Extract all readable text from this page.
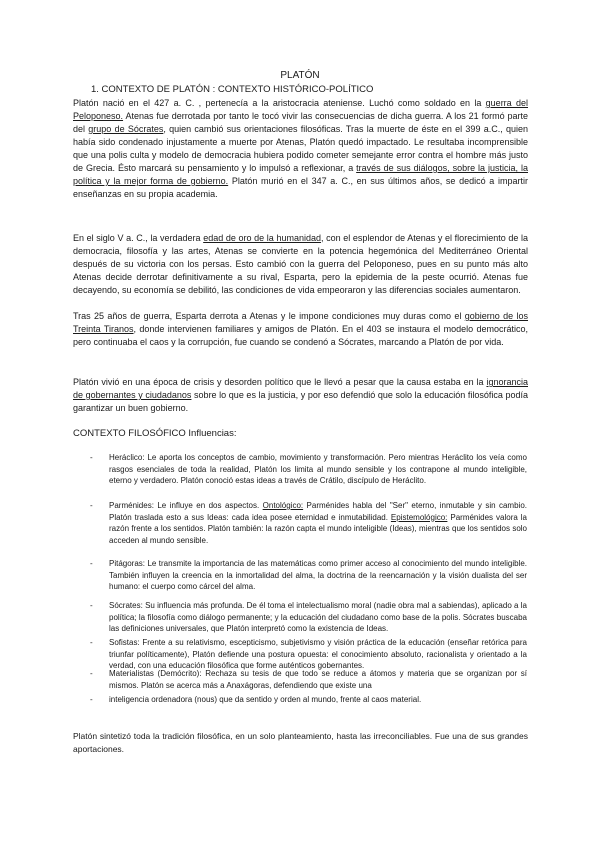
PLATÓN
1. CONTEXTO DE PLATÓN : CONTEXTO HISTÓRICO-POLÍTICO
Platón nació en el 427 a. C. , pertenecía a la aristocracia ateniense. Luchó como soldado en la guerra del Peloponeso. Atenas fue derrotada por tanto le tocó vivir las consecuencias de dicha guerra. A los 21 formó parte del grupo de Sócrates, quien cambió sus orientaciones filosóficas. Tras la muerte de éste en el 399 a.C., quien había sido condenado injustamente a muerte por Atenas, Platón quedó impactado. Le resultaba incomprensible que una polis culta y modelo de democracia hubiera podido cometer semejante error contra el hombre más justo de Grecia. Ésto marcará su pensamiento y lo impulsó a reflexionar, a través de sus diálogos, sobre la justicia, la política y la mejor forma de gobierno. Platón murió en el 347 a. C., en sus últimos años, se dedicó a impartir enseñanzas en su propia academia.
En el siglo V a. C., la verdadera edad de oro de la humanidad, con el esplendor de Atenas y el florecimiento de la democracia, filosofía y las artes, Atenas se convierte en la potencia hegemónica del Mediterráneo Oriental después de su victoria con los persas. Esto cambió con la guerra del Peloponeso, pues en su punto más alto Atenas decide derrotar definitivamente a su rival, Esparta, pero la epidemia de la peste ocurrió. Atenas fue decayendo, su economía se debilitó, las condiciones de vida empeoraron y las diferencias sociales aumentaron.
Tras 25 años de guerra, Esparta derrota a Atenas y le impone condiciones muy duras como el gobierno de los Treinta Tiranos, donde intervienen familiares y amigos de Platón. En el 403 se instaura el modelo democrático, pero continuaba el caos y la corrupción, fue cuando se condenó a Sócrates, marcando a Platón de por vida.
Platón vivió en una época de crisis y desorden político que le llevó a pesar que la causa estaba en la ignorancia de gobernantes y ciudadanos sobre lo que es la justicia, y por eso defendió que solo la educación filosófica podía garantizar un buen gobierno.
CONTEXTO FILOSÓFICO Influencias:
- Heráclico: Le aporta los conceptos de cambio, movimiento y transformación. Pero mientras Heráclito los veía como rasgos esenciales de toda la realidad, Platón los limita al mundo sensible y los contrapone al mundo inteligible, eterno y verdadero. Platón conoció estas ideas a través de Crátilo, discípulo de Heráclito.
- Parménides: Le influye en dos aspectos. Ontológico: Parménides habla del "Ser" eterno, inmutable y sin cambio. Platón traslada esto a sus Ideas: cada idea posee eternidad e inmutabilidad. Epistemológico: Parménides valora la razón frente a los sentidos. Platón también: la razón capta el mundo inteligible (Ideas), mientras que los sentidos solo acceden al mundo sensible.
- Pitágoras: Le transmite la importancia de las matemáticas como primer acceso al conocimiento del mundo inteligible. También influyen la creencia en la inmortalidad del alma, la doctrina de la reencarnación y la visión dualista del ser humano: el cuerpo como cárcel del alma.
- Sócrates: Su influencia más profunda. De él toma el intelectualismo moral (nadie obra mal a sabiendas), aplicado a la política; la filosofía como diálogo permanente; y la educación del ciudadano como base de la polis. Sócrates buscaba las definiciones universales, que Platón interpretó como la existencia de Ideas.
- Sofistas: Frente a su relativismo, escepticismo, subjetivismo y visión práctica de la educación (enseñar retórica para triunfar políticamente), Platón defiende una postura opuesta: el conocimiento absoluto, racionalista y orientado a la verdad, con una educación filosófica que forme auténticos gobernantes.
- Materialistas (Demócrito): Rechaza su tesis de que todo se reduce a átomos y materia que se organizan por sí mismos. Platón se acerca más a Anaxágoras, defendiendo que existe una
- inteligencia ordenadora (nous) que da sentido y orden al mundo, frente al caos material.
Platón sintetizó toda la tradición filosófica, en un solo planteamiento, hasta las irreconciliables. Fue una de sus grandes aportaciones.
